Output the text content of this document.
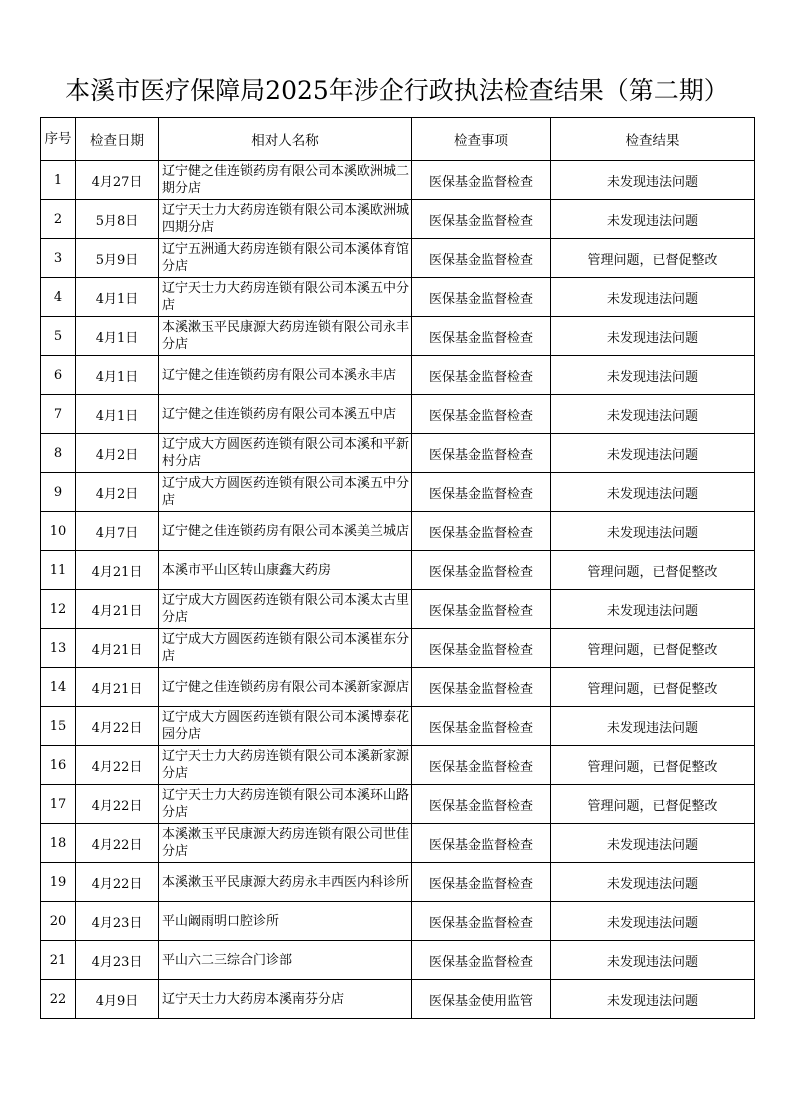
本溪市医疗保障局2025年涉企行政执法检查结果（第二期）
序号	检查日期	相对人名称	检查事项	检查结果
1	4月27日	辽宁健之佳连锁药房有限公司本溪欧洲城二期分店	医保基金监督检查	未发现违法问题
2	5月8日	辽宁天士力大药房连锁有限公司本溪欧洲城四期分店	医保基金监督检查	未发现违法问题
3	5月9日	辽宁五洲通大药房连锁有限公司本溪体育馆分店	医保基金监督检查	管理问题，已督促整改
4	4月1日	辽宁天士力大药房连锁有限公司本溪五中分店	医保基金监督检查	未发现违法问题
5	4月1日	本溪漱玉平民康源大药房连锁有限公司永丰分店	医保基金监督检查	未发现违法问题
6	4月1日	辽宁健之佳连锁药房有限公司本溪永丰店	医保基金监督检查	未发现违法问题
7	4月1日	辽宁健之佳连锁药房有限公司本溪五中店	医保基金监督检查	未发现违法问题
8	4月2日	辽宁成大方圆医药连锁有限公司本溪和平新村分店	医保基金监督检查	未发现违法问题
9	4月2日	辽宁成大方圆医药连锁有限公司本溪五中分店	医保基金监督检查	未发现违法问题
10	4月7日	辽宁健之佳连锁药房有限公司本溪美兰城店	医保基金监督检查	未发现违法问题
11	4月21日	本溪市平山区转山康鑫大药房	医保基金监督检查	管理问题，已督促整改
12	4月21日	辽宁成大方圆医药连锁有限公司本溪太古里分店	医保基金监督检查	未发现违法问题
13	4月21日	辽宁成大方圆医药连锁有限公司本溪崔东分店	医保基金监督检查	管理问题，已督促整改
14	4月21日	辽宁健之佳连锁药房有限公司本溪新家源店	医保基金监督检查	管理问题，已督促整改
15	4月22日	辽宁成大方圆医药连锁有限公司本溪博泰花园分店	医保基金监督检查	未发现违法问题
16	4月22日	辽宁天士力大药房连锁有限公司本溪新家源分店	医保基金监督检查	管理问题，已督促整改
17	4月22日	辽宁天士力大药房连锁有限公司本溪环山路分店	医保基金监督检查	管理问题，已督促整改
18	4月22日	本溪漱玉平民康源大药房连锁有限公司世佳分店	医保基金监督检查	未发现违法问题
19	4月22日	本溪漱玉平民康源大药房永丰西医内科诊所	医保基金监督检查	未发现违法问题
20	4月23日	平山阚雨明口腔诊所	医保基金监督检查	未发现违法问题
21	4月23日	平山六二三综合门诊部	医保基金监督检查	未发现违法问题
22	4月9日	辽宁天士力大药房本溪南芬分店	医保基金使用监管	未发现违法问题
